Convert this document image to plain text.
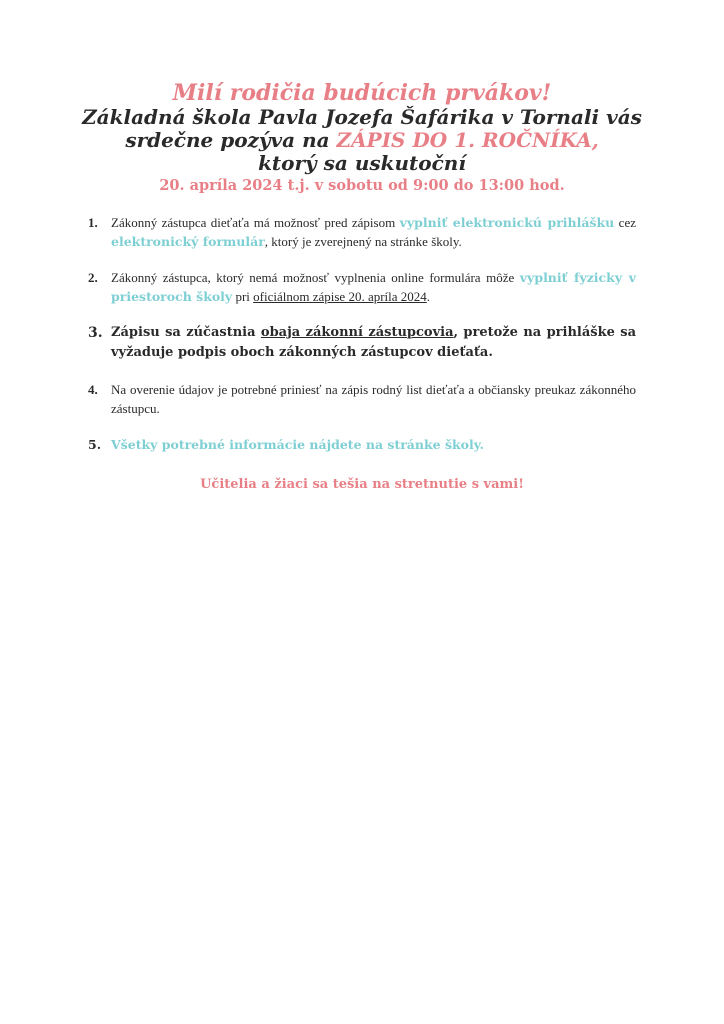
Milí rodičia budúcich prvákov!
Základná škola Pavla Jozefa Šafárika v Tornali vás
srdečne pozýva na ZÁPIS DO 1. ROČNÍKA,
ktorý sa uskutoční
20. apríla 2024 t.j. v sobotu od 9:00 do 13:00 hod.
1. Zákonný zástupca dieťaťa má možnosť pred zápisom vyplniť elektronickú prihlášku cez elektronický formulár, ktorý je zverejnený na stránke školy.
2. Zákonný zástupca, ktorý nemá možnosť vyplnenia online formulára môže vyplniť fyzicky v priestoroch školy pri oficiálnom zápise 20. apríla 2024.
3. Zápisu sa zúčastnia obaja zákonní zástupcovia, pretože na prihláške sa vyžaduje podpis oboch zákonných zástupcov dieťaťa.
4. Na overenie údajov je potrebné priniesť na zápis rodný list dieťaťa a občiansky preukaz zákonného zástupcu.
5. Všetky potrebné informácie nájdete na stránke školy.
Učitelia a žiaci sa tešia na stretnutie s vami!
